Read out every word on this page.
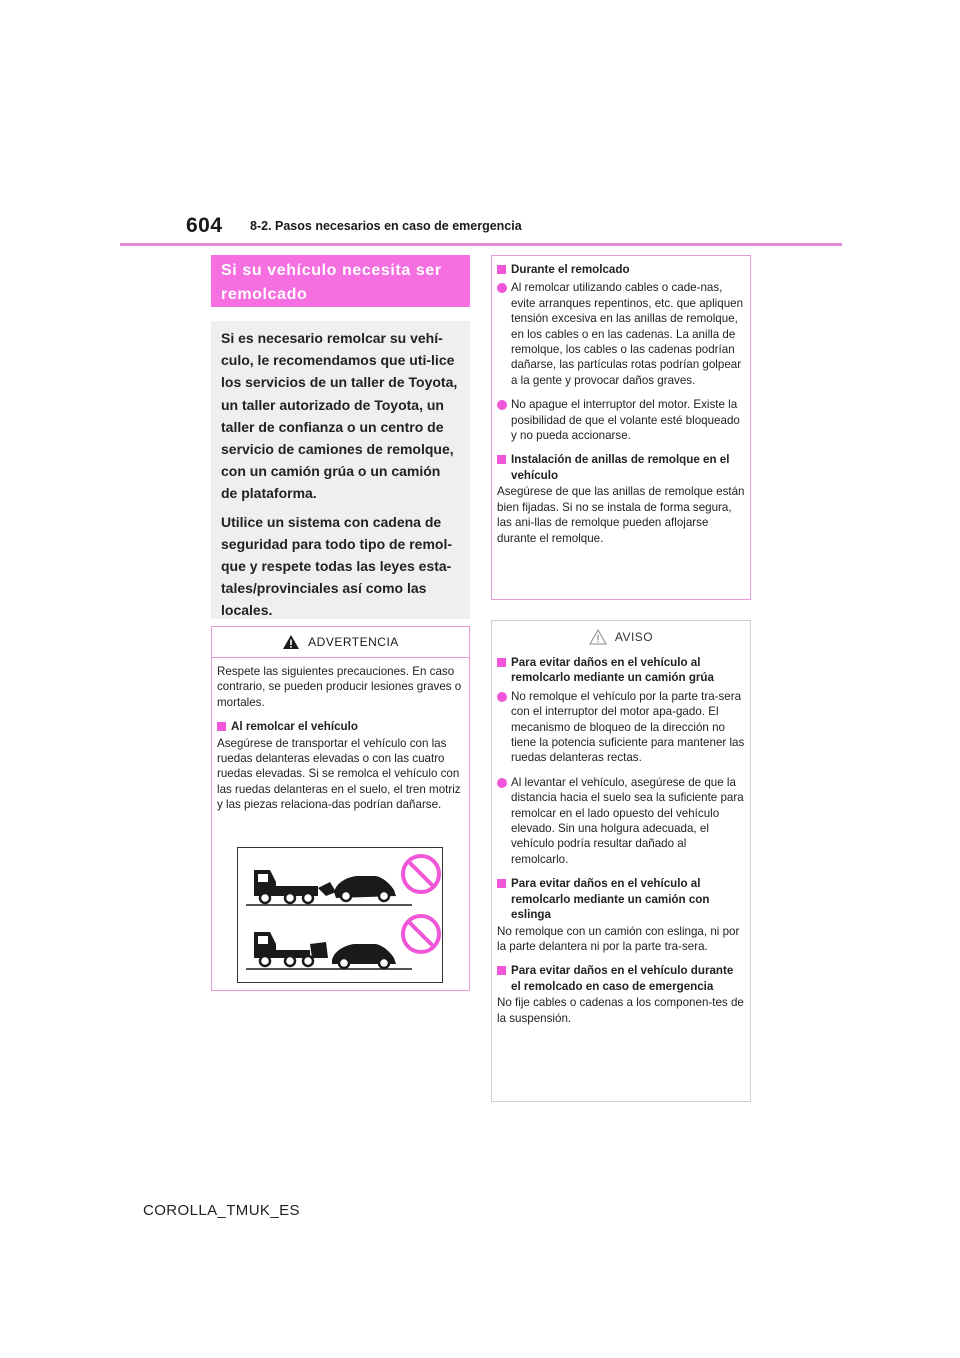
604 8-2. Pasos necesarios en caso de emergencia
Si su vehículo necesita ser remolcado

Si es necesario remolcar su vehí-culo, le recomendamos que uti-lice los servicios de un taller de Toyota, un taller autorizado de Toyota, un taller de confianza o un centro de servicio de camiones de remolque, con un camión grúa o un camión de plataforma.

Utilice un sistema con cadena de seguridad para todo tipo de remol-que y respete todas las leyes esta-tales/provinciales así como las locales.

ADVERTENCIA

Respete las siguientes precauciones. En caso contrario, se pueden producir lesiones graves o mortales.

Al remolcar el vehículo

Asegúrese de transportar el vehículo con las ruedas delanteras elevadas o con las cuatro ruedas elevadas. Si se remolca el vehículo con las ruedas delanteras en el suelo, el tren motriz y las piezas relaciona-das podrían dañarse.

Durante el remolcado
Al remolcar utilizando cables o cade-nas, evite arranques repentinos, etc. que apliquen tensión excesiva en las anillas de remolque, en los cables o en las cadenas. La anilla de remolque, los cables o las cadenas podrían dañarse, las partículas rotas podrían golpear a la gente y provocar daños graves.
No apague el interruptor del motor. Existe la posibilidad de que el volante esté bloqueado y no pueda accionarse.
Instalación de anillas de remolque en el vehículo

Asegúrese de que las anillas de remolque están bien fijadas. Si no se instala de forma segura, las ani-llas de remolque pueden aflojarse durante el remolque.

AVISO
Para evitar daños en el vehículo al remolcarlo mediante un camión grúa
No remolque el vehículo por la parte tra-sera con el interruptor del motor apa-gado. El mecanismo de bloqueo de la dirección no tiene la potencia suficiente para mantener las ruedas delanteras rectas.
Al levantar el vehículo, asegúrese de que la distancia hacia el suelo sea la suficiente para remolcar en el lado opuesto del vehículo elevado. Sin una holgura adecuada, el vehículo podría resultar dañado al remolcarlo.
Para evitar daños en el vehículo al remolcarlo mediante un camión con eslinga

No remolque con un camión con eslinga, ni por la parte delantera ni por la parte tra-sera.

Para evitar daños en el vehículo durante el remolcado en caso de emergencia

No fije cables o cadenas a los componen-tes de la suspensión.

COROLLA_TMUK_ES
